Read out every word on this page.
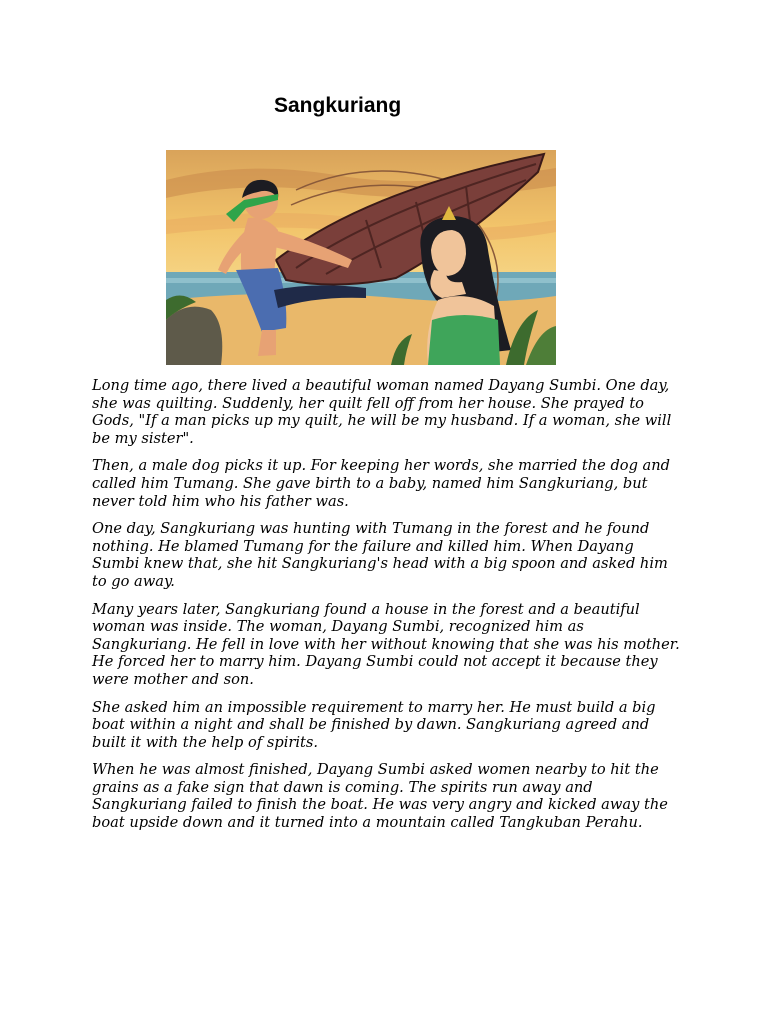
Sangkuriang

Long time ago, there lived a beautiful woman named Dayang Sumbi. One day, she was quilting. Suddenly, her quilt fell off from her house. She prayed to Gods, "If a man picks up my quilt, he will be my husband. If a woman, she will be my sister".

Then, a male dog picks it up. For keeping her words, she married the dog and called him Tumang. She gave birth to a baby, named him Sangkuriang, but never told him who his father was.

One day, Sangkuriang was hunting with Tumang in the forest and he found nothing. He blamed Tumang for the failure and killed him. When Dayang Sumbi knew that, she hit Sangkuriang's head with a big spoon and asked him to go away.

Many years later, Sangkuriang found a house in the forest and a beautiful woman was inside. The woman, Dayang Sumbi, recognized him as Sangkuriang. He fell in love with her without knowing that she was his mother. He forced her to marry him. Dayang Sumbi could not accept it because they were mother and son.

She asked him an impossible requirement to marry her. He must build a big boat within a night and shall be finished by dawn. Sangkuriang agreed and built it with the help of spirits.

When he was almost finished, Dayang Sumbi asked women nearby to hit the grains as a fake sign that dawn is coming. The spirits run away and Sangkuriang failed to finish the boat. He was very angry and kicked away the boat upside down and it turned into a mountain called Tangkuban Perahu.
